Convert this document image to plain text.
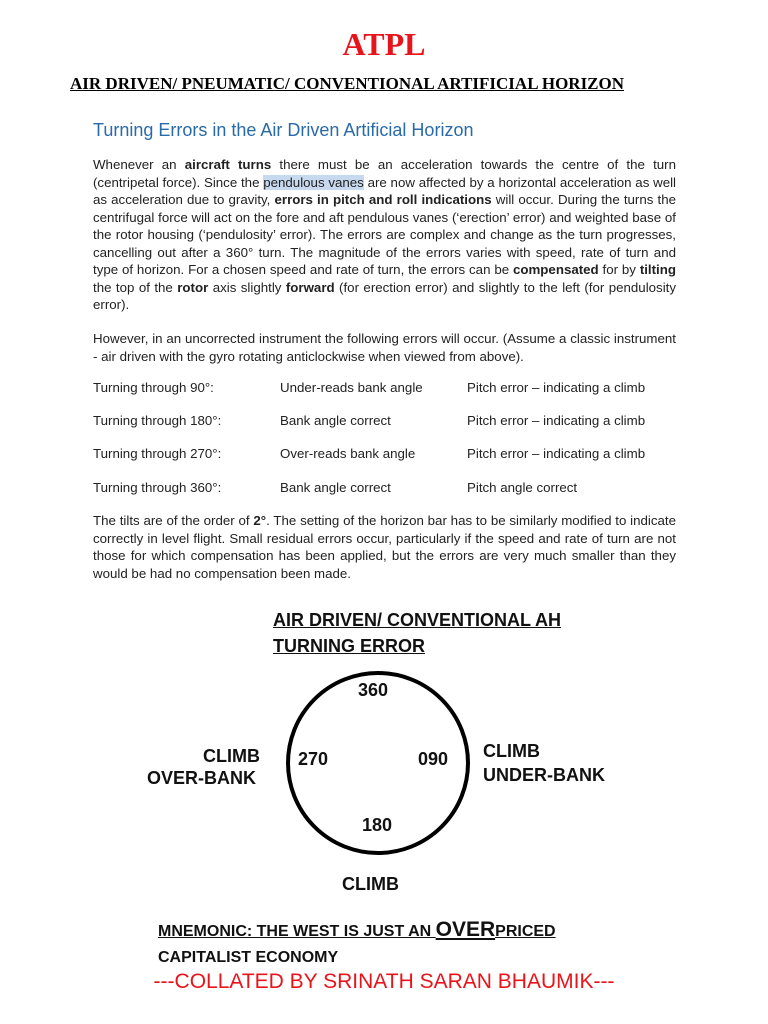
ATPL
AIR DRIVEN/ PNEUMATIC/ CONVENTIONAL ARTIFICIAL HORIZON
Turning Errors in the Air Driven Artificial Horizon
Whenever an aircraft turns there must be an acceleration towards the centre of the turn (centripetal force). Since the pendulous vanes are now affected by a horizontal acceleration as well as acceleration due to gravity, errors in pitch and roll indications will occur. During the turns the centrifugal force will act on the fore and aft pendulous vanes (‘erection’ error) and weighted base of the rotor housing (‘pendulosity’ error). The errors are complex and change as the turn progresses, cancelling out after a 360° turn. The magnitude of the errors varies with speed, rate of turn and type of horizon. For a chosen speed and rate of turn, the errors can be compensated for by tilting the top of the rotor axis slightly forward (for erection error) and slightly to the left (for pendulosity error).
However, in an uncorrected instrument the following errors will occur. (Assume a classic instrument - air driven with the gyro rotating anticlockwise when viewed from above).
Turning through 90°:	Under-reads bank angle	Pitch error – indicating a climb
Turning through 180°:	Bank angle correct	Pitch error – indicating a climb
Turning through 270°:	Over-reads bank angle	Pitch error – indicating a climb
Turning through 360°:	Bank angle correct	Pitch angle correct
The tilts are of the order of 2°. The setting of the horizon bar has to be similarly modified to indicate correctly in level flight. Small residual errors occur, particularly if the speed and rate of turn are not those for which compensation has been applied, but the errors are very much smaller than they would be had no compensation been made.
AIR DRIVEN/ CONVENTIONAL AH
TURNING ERROR
360
270	090
180
CLIMB
OVER-BANK
CLIMB
UNDER-BANK
CLIMB
MNEMONIC: THE WEST IS JUST AN OVERPRICED
CAPITALIST ECONOMY
---COLLATED BY SRINATH SARAN BHAUMIK---
